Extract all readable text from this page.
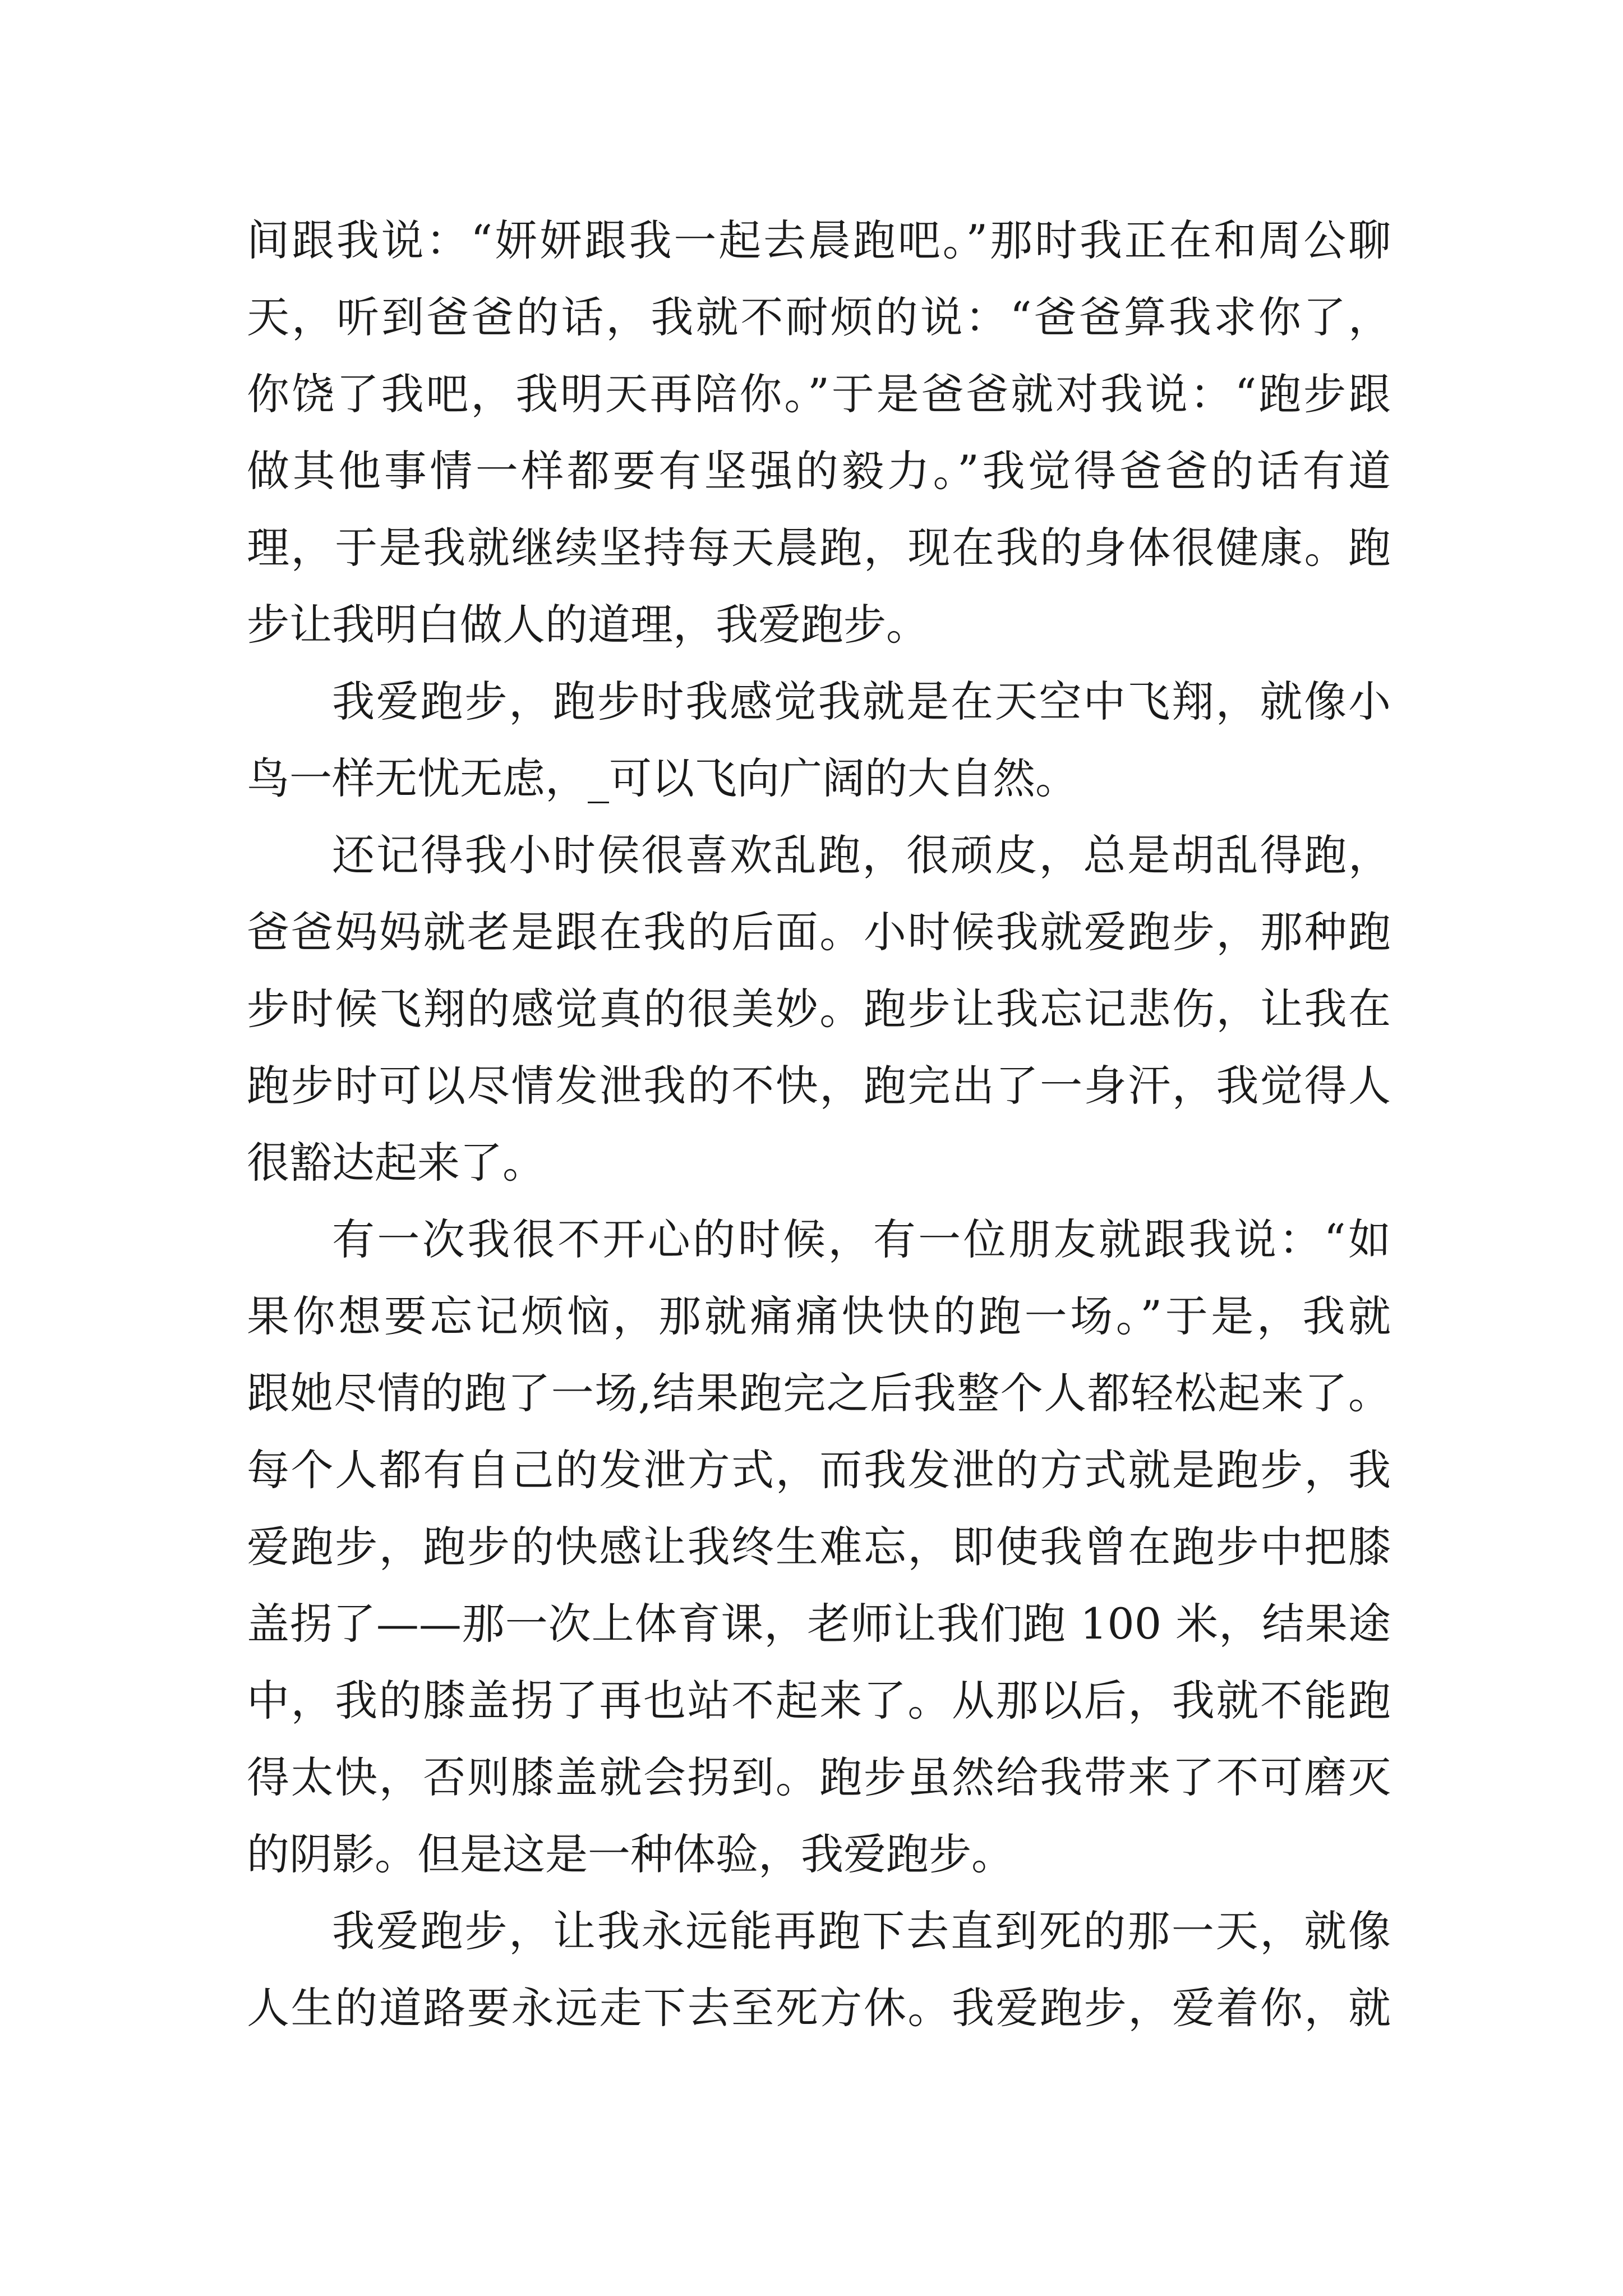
间跟我说：“妍妍跟我一起去晨跑吧。”那时我正在和周公聊
天，听到爸爸的话，我就不耐烦的说：“爸爸算我求你了，
你饶了我吧，我明天再陪你。”于是爸爸就对我说：“跑步跟
做其他事情一样都要有坚强的毅力。”我觉得爸爸的话有道
理，于是我就继续坚持每天晨跑，现在我的身体很健康。跑
步让我明白做人的道理，我爱跑步。
我爱跑步，跑步时我感觉我就是在天空中飞翔，就像小
鸟一样无忧无虑，_可以飞向广阔的大自然。
还记得我小时侯很喜欢乱跑，很顽皮，总是胡乱得跑，
爸爸妈妈就老是跟在我的后面。小时候我就爱跑步，那种跑
步时候飞翔的感觉真的很美妙。跑步让我忘记悲伤，让我在
跑步时可以尽情发泄我的不快，跑完出了一身汗，我觉得人
很豁达起来了。
有一次我很不开心的时候，有一位朋友就跟我说：“如
果你想要忘记烦恼，那就痛痛快快的跑一场。”于是，我就
跟她尽情的跑了一场,结果跑完之后我整个人都轻松起来了。
每个人都有自己的发泄方式，而我发泄的方式就是跑步，我
爱跑步，跑步的快感让我终生难忘，即使我曾在跑步中把膝
盖拐了——那一次上体育课，老师让我们跑 100 米，结果途
中，我的膝盖拐了再也站不起来了。从那以后，我就不能跑
得太快，否则膝盖就会拐到。跑步虽然给我带来了不可磨灭
的阴影。但是这是一种体验，我爱跑步。
我爱跑步，让我永远能再跑下去直到死的那一天，就像
人生的道路要永远走下去至死方休。我爱跑步，爱着你，就
